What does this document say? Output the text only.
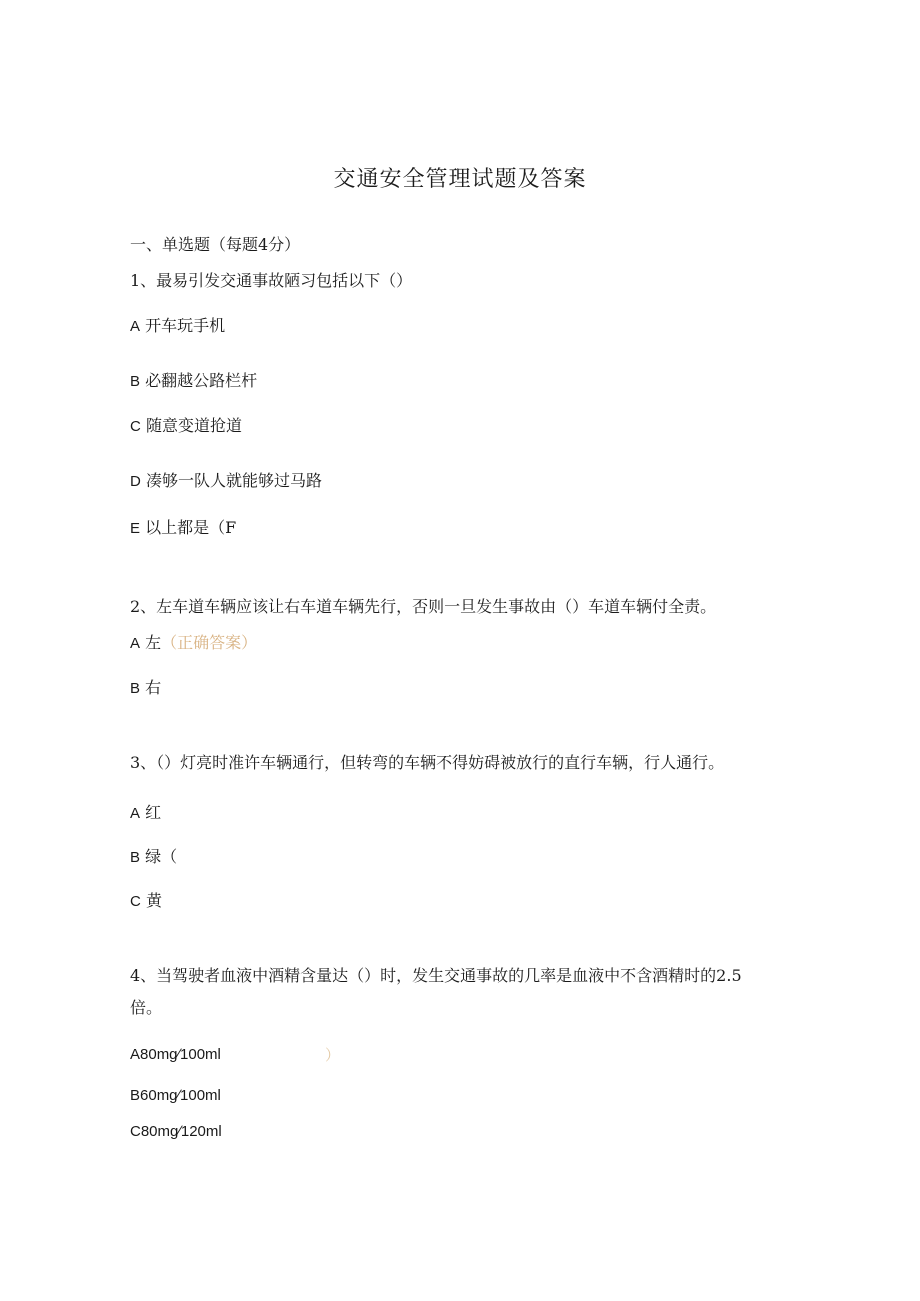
交通安全管理试题及答案
一、单选题（每题4分）
1、最易引发交通事故陋习包括以下（）
A 开车玩手机
B 必翻越公路栏杆
C 随意变道抢道
D 凑够一队人就能够过马路
E 以上都是（F
2、左车道车辆应该让右车道车辆先行，否则一旦发生事故由（）车道车辆付全责。
A 左（正确答案）
B 右
3、（）灯亮时准许车辆通行，但转弯的车辆不得妨碍被放行的直行车辆，行人通行。
A 红
B 绿（
C 黄
4、当驾驶者血液中酒精含量达（）时，发生交通事故的几率是血液中不含酒精时的2.5
倍。
A80mg∕100ml	）
B60mg∕100ml
C80mg∕120ml
